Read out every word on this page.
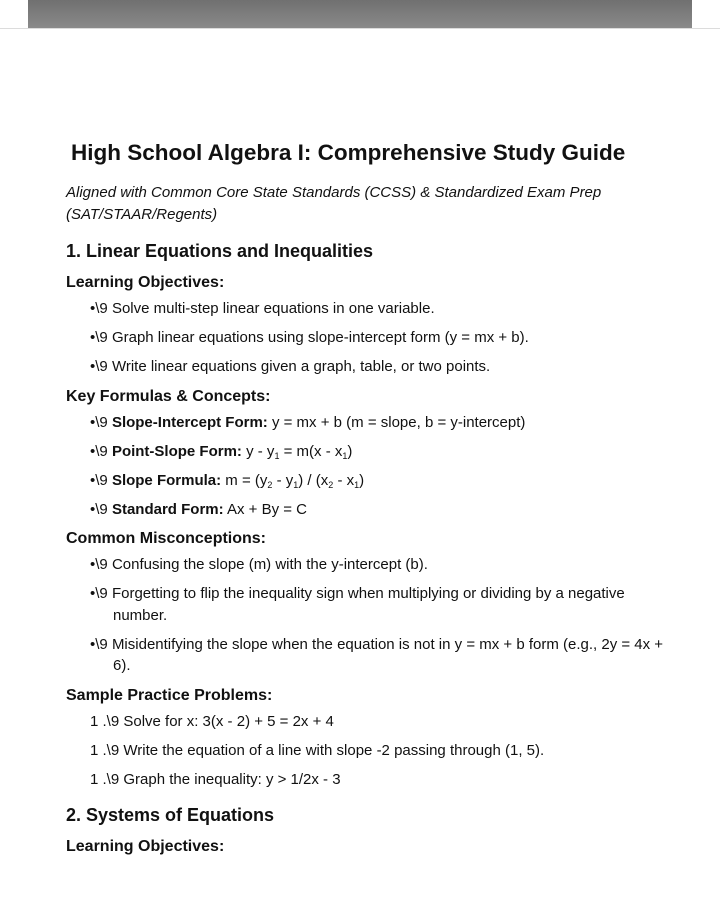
High School Algebra I: Comprehensive Study Guide

Aligned with Common Core State Standards (CCSS) & Standardized Exam Prep (SAT/STAAR/Regents)

1. Linear Equations and Inequalities
Learning Objectives:
•\9 Solve multi-step linear equations in one variable.
•\9 Graph linear equations using slope-intercept form (y = mx + b).
•\9 Write linear equations given a graph, table, or two points.
Key Formulas & Concepts:
•\9 Slope-Intercept Form: y = mx + b (m = slope, b = y-intercept)
•\9 Point-Slope Form: $y - y_1 = m(x - x_1)$
•\9 Slope Formula: $m = (y_2 - y_1) / (x_2 - x_1)$
•\9 Standard Form: Ax + By = C
Common Misconceptions:
•\9 Confusing the slope (m) with the y-intercept (b).
•\9 Forgetting to flip the inequality sign when multiplying or dividing by a negative number.
•\9 Misidentifying the slope when the equation is not in y = mx + b form (e.g., 2y = 4x + 6).
Sample Practice Problems:
1 .\9 Solve for x: 3(x - 2) + 5 = 2x + 4
1 .\9 Write the equation of a line with slope -2 passing through (1, 5).
1 .\9 Graph the inequality: y > 1/2x - 3
2. Systems of Equations
Learning Objectives:
